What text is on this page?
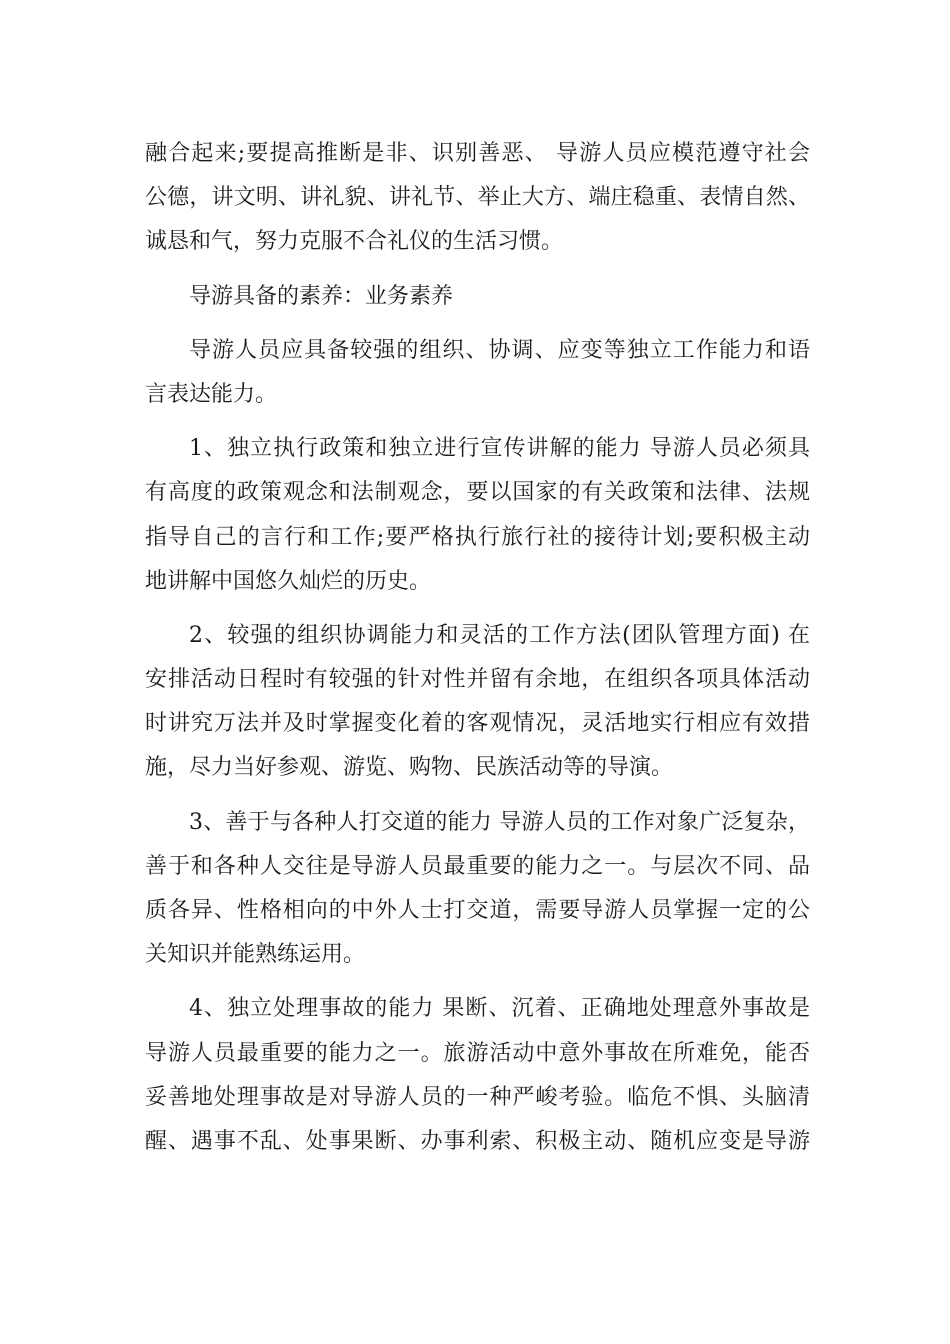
融合起来;要提高推断是非、识别善恶、 导游人员应模范遵守社会
公德，讲文明、讲礼貌、讲礼节、举止大方、端庄稳重、表情自然、
诚恳和气，努力克服不合礼仪的生活习惯。
导游具备的素养：业务素养
导游人员应具备较强的组织、协调、应变等独立工作能力和语
言表达能力。
1、独立执行政策和独立进行宣传讲解的能力 导游人员必须具
有高度的政策观念和法制观念，要以国家的有关政策和法律、法规
指导自己的言行和工作;要严格执行旅行社的接待计划;要积极主动
地讲解中国悠久灿烂的历史。
2、较强的组织协调能力和灵活的工作方法(团队管理方面) 在
安排活动日程时有较强的针对性并留有余地，在组织各项具体活动
时讲究万法并及时掌握变化着的客观情况，灵活地实行相应有效措
施，尽力当好参观、游览、购物、民族活动等的导演。
3、善于与各种人打交道的能力 导游人员的工作对象广泛复杂，
善于和各种人交往是导游人员最重要的能力之一。与层次不同、品
质各异、性格相向的中外人士打交道，需要导游人员掌握一定的公
关知识并能熟练运用。
4、独立处理事故的能力 果断、沉着、正确地处理意外事故是
导游人员最重要的能力之一。旅游活动中意外事故在所难免，能否
妥善地处理事故是对导游人员的一种严峻考验。临危不惧、头脑清
醒、遇事不乱、处事果断、办事利索、积极主动、随机应变是导游
